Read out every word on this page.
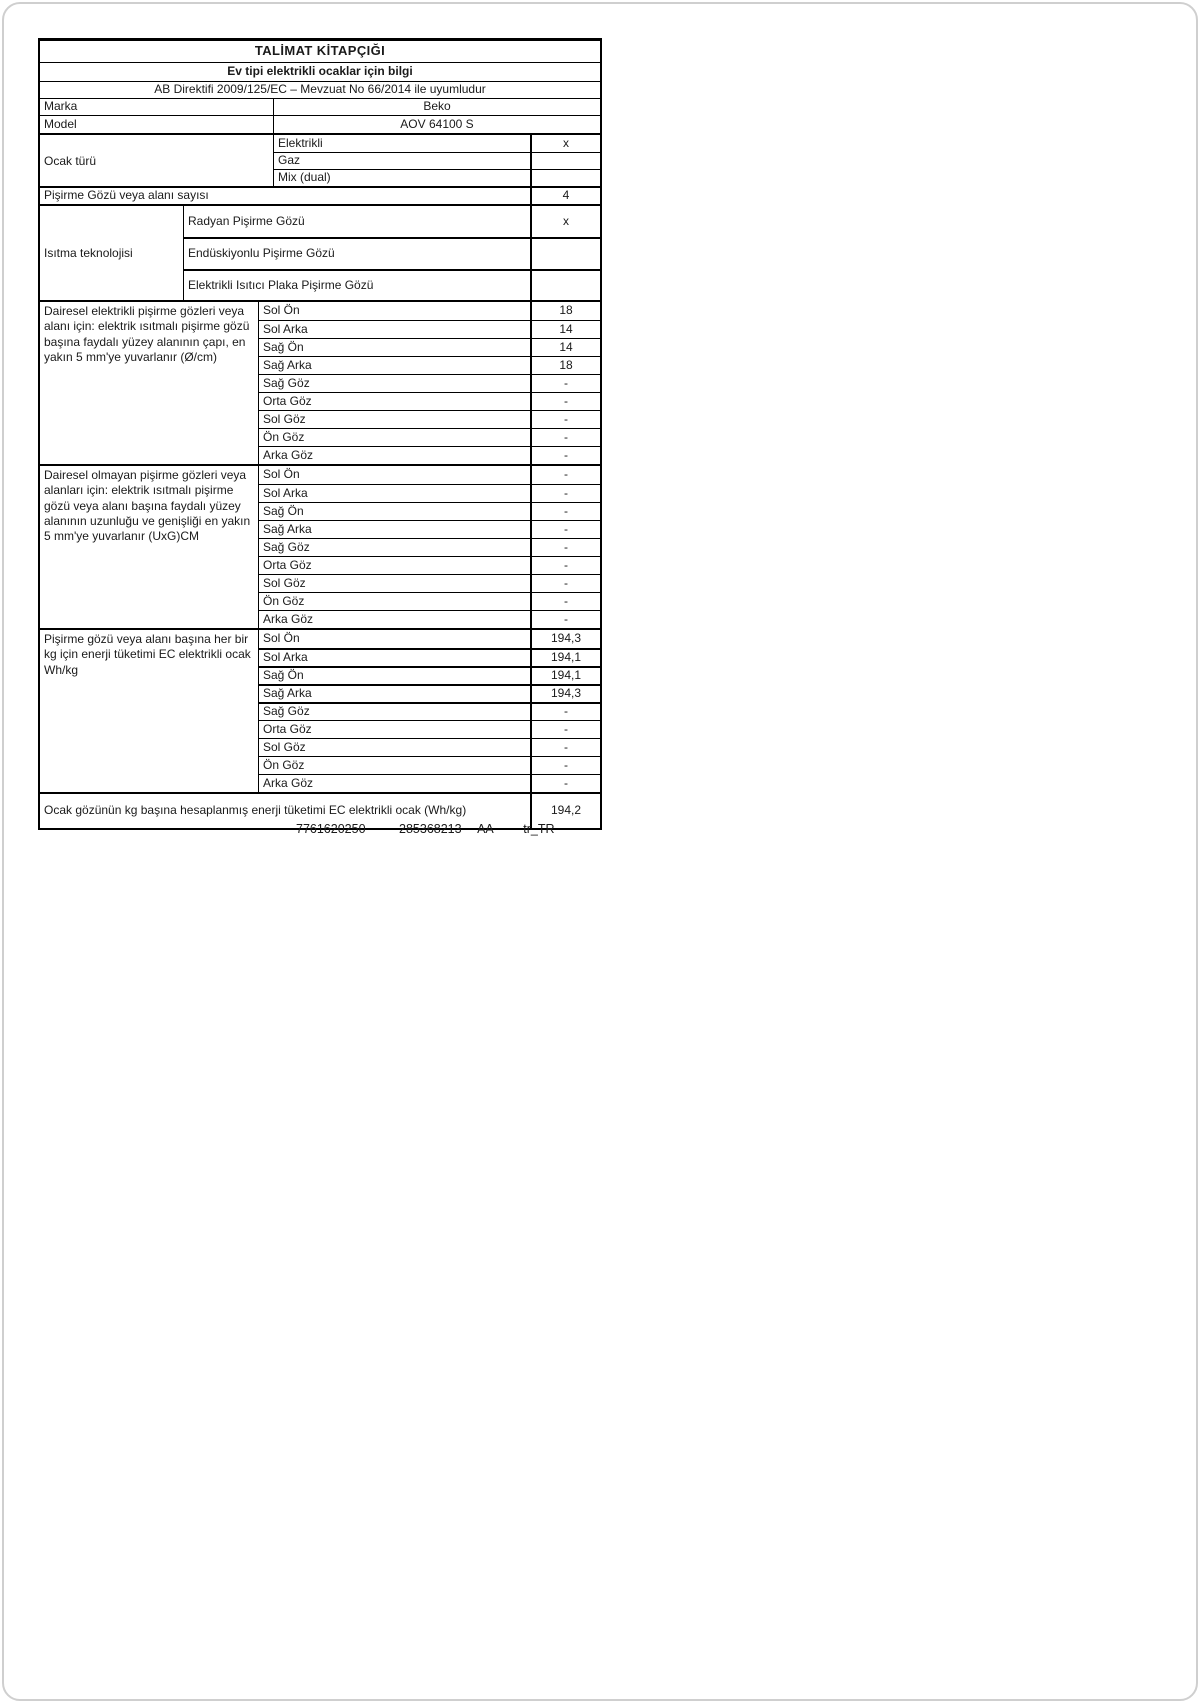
TALİMAT KİTAPÇIĞI
Ev tipi elektrikli ocaklar için bilgi
AB Direktifi 2009/125/EC – Mevzuat No 66/2014 ile uyumludur
Marka	Beko
Model	AOV 64100 S
Ocak türü
Elektrikli	x
Gaz
Mix (dual)
Pişirme Gözü veya alanı sayısı	4
Isıtma teknolojisi
Radyan Pişirme Gözü	x
Endüskiyonlu Pişirme Gözü
Elektrikli Isıtıcı Plaka Pişirme Gözü
Dairesel elektrikli pişirme gözleri veya alanı için: elektrik ısıtmalı pişirme gözü başına faydalı yüzey alanının çapı, en yakın 5 mm'ye yuvarlanır (Ø/cm)
Sol Ön	18
Sol Arka	14
Sağ Ön	14
Sağ Arka	18
Sağ Göz	-
Orta Göz	-
Sol Göz	-
Ön Göz	-
Arka Göz	-
Dairesel olmayan pişirme gözleri veya alanları için: elektrik ısıtmalı pişirme gözü veya alanı başına faydalı yüzey alanının uzunluğu ve genişliği en yakın 5 mm'ye yuvarlanır (UxG)CM
Sol Ön	-
Sol Arka	-
Sağ Ön	-
Sağ Arka	-
Sağ Göz	-
Orta Göz	-
Sol Göz	-
Ön Göz	-
Arka Göz	-
Pişirme gözü veya alanı başına her bir kg için enerji tüketimi EC elektrikli ocak Wh/kg
Sol Ön	194,3
Sol Arka	194,1
Sağ Ön	194,1
Sağ Arka	194,3
Sağ Göz	-
Orta Göz	-
Sol Göz	-
Ön Göz	-
Arka Göz	-
Ocak gözünün kg başına hesaplanmış enerji tüketimi EC elektrikli ocak (Wh/kg)	194,2
7761620250	285368213 AA tr_TR
